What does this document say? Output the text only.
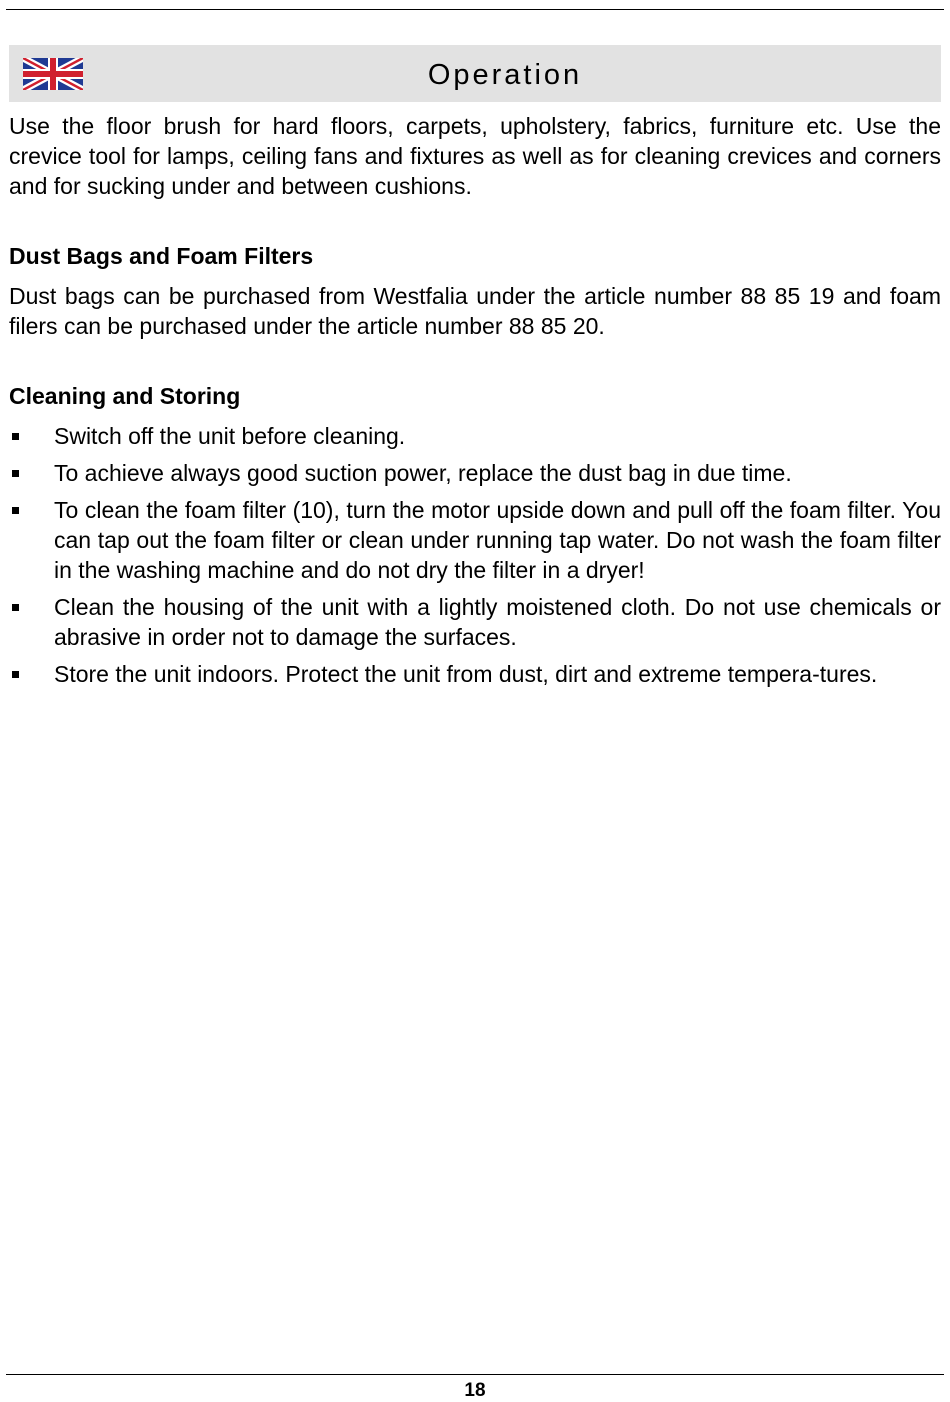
Operation

Use the floor brush for hard floors, carpets, upholstery, fabrics, furniture etc. Use the crevice tool for lamps, ceiling fans and fixtures as well as for cleaning crevices and corners and for sucking under and between cushions.

Dust Bags and Foam Filters

Dust bags can be purchased from Westfalia under the article number 88 85 19 and foam filers can be purchased under the article number 88 85 20.

Cleaning and Storing

Switch off the unit before cleaning.
To achieve always good suction power, replace the dust bag in due time.
To clean the foam filter (10), turn the motor upside down and pull off the foam filter. You can tap out the foam filter or clean under running tap water. Do not wash the foam filter in the washing machine and do not dry the filter in a dryer!
Clean the housing of the unit with a lightly moistened cloth. Do not use chemicals or abrasive in order not to damage the surfaces.
Store the unit indoors. Protect the unit from dust, dirt and extreme tempera-tures.
18
